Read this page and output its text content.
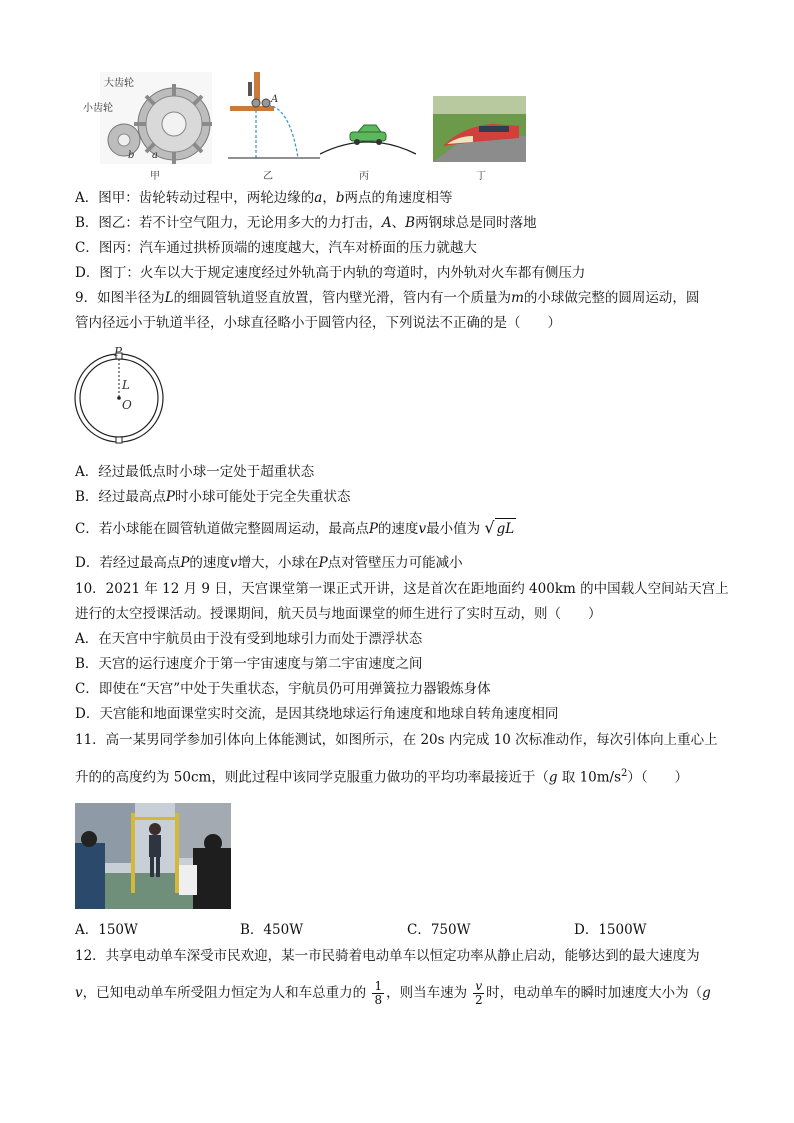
大齿轮
小齿轮
b a
甲
A
乙	丙	丁
A．图甲：齿轮转动过程中，两轮边缘的a，b两点的角速度相等
B．图乙：若不计空气阻力，无论用多大的力打击，A、B两钢球总是同时落地
C．图丙：汽车通过拱桥顶端的速度越大，汽车对桥面的压力就越大
D．图丁：火车以大于规定速度经过外轨高于内轨的弯道时，内外轨对火车都有侧压力
9．如图半径为L的细圆管轨道竖直放置，管内壁光滑，管内有一个质量为m的小球做完整的圆周运动，圆
管内径远小于轨道半径，小球直径略小于圆管内径，下列说法不正确的是（　　）
P
L
O
A．经过最低点时小球一定处于超重状态
B．经过最高点P时小球可能处于完全失重状态
C．若小球能在圆管轨道做完整圆周运动，最高点P的速度v最小值为 √ gL
D．若经过最高点P的速度v增大，小球在P点对管壁压力可能减小
10．2021 年 12 月 9 日，天宫课堂第一课正式开讲，这是首次在距地面约 400km 的中国载人空间站天宫上
进行的太空授课活动。授课期间，航天员与地面课堂的师生进行了实时互动，则（　　）
A．在天宫中宇航员由于没有受到地球引力而处于漂浮状态
B．天宫的运行速度介于第一宇宙速度与第二宇宙速度之间
C．即使在“天宫”中处于失重状态，宇航员仍可用弹簧拉力器锻炼身体
D．天宫能和地面课堂实时交流，是因其绕地球运行角速度和地球自转角速度相同
11．高一某男同学参加引体向上体能测试，如图所示，在 20s 内完成 10 次标准动作，每次引体向上重心上
升的的高度约为 50cm，则此过程中该同学克服重力做功的平均功率最接近于（g 取 $10m/s^2$）（　　）
A．150W	B．450W	C．750W	D．1500W
12．共享电动单车深受市民欢迎，某一市民骑着电动单车以恒定功率从静止启动，能够达到的最大速度为
v，已知电动单车所受阻力恒定为人和车总重力的 $\frac{1}{8}$ ，则当车速为 $\frac{v}{2}$ 时，电动单车的瞬时加速度大小为（g
